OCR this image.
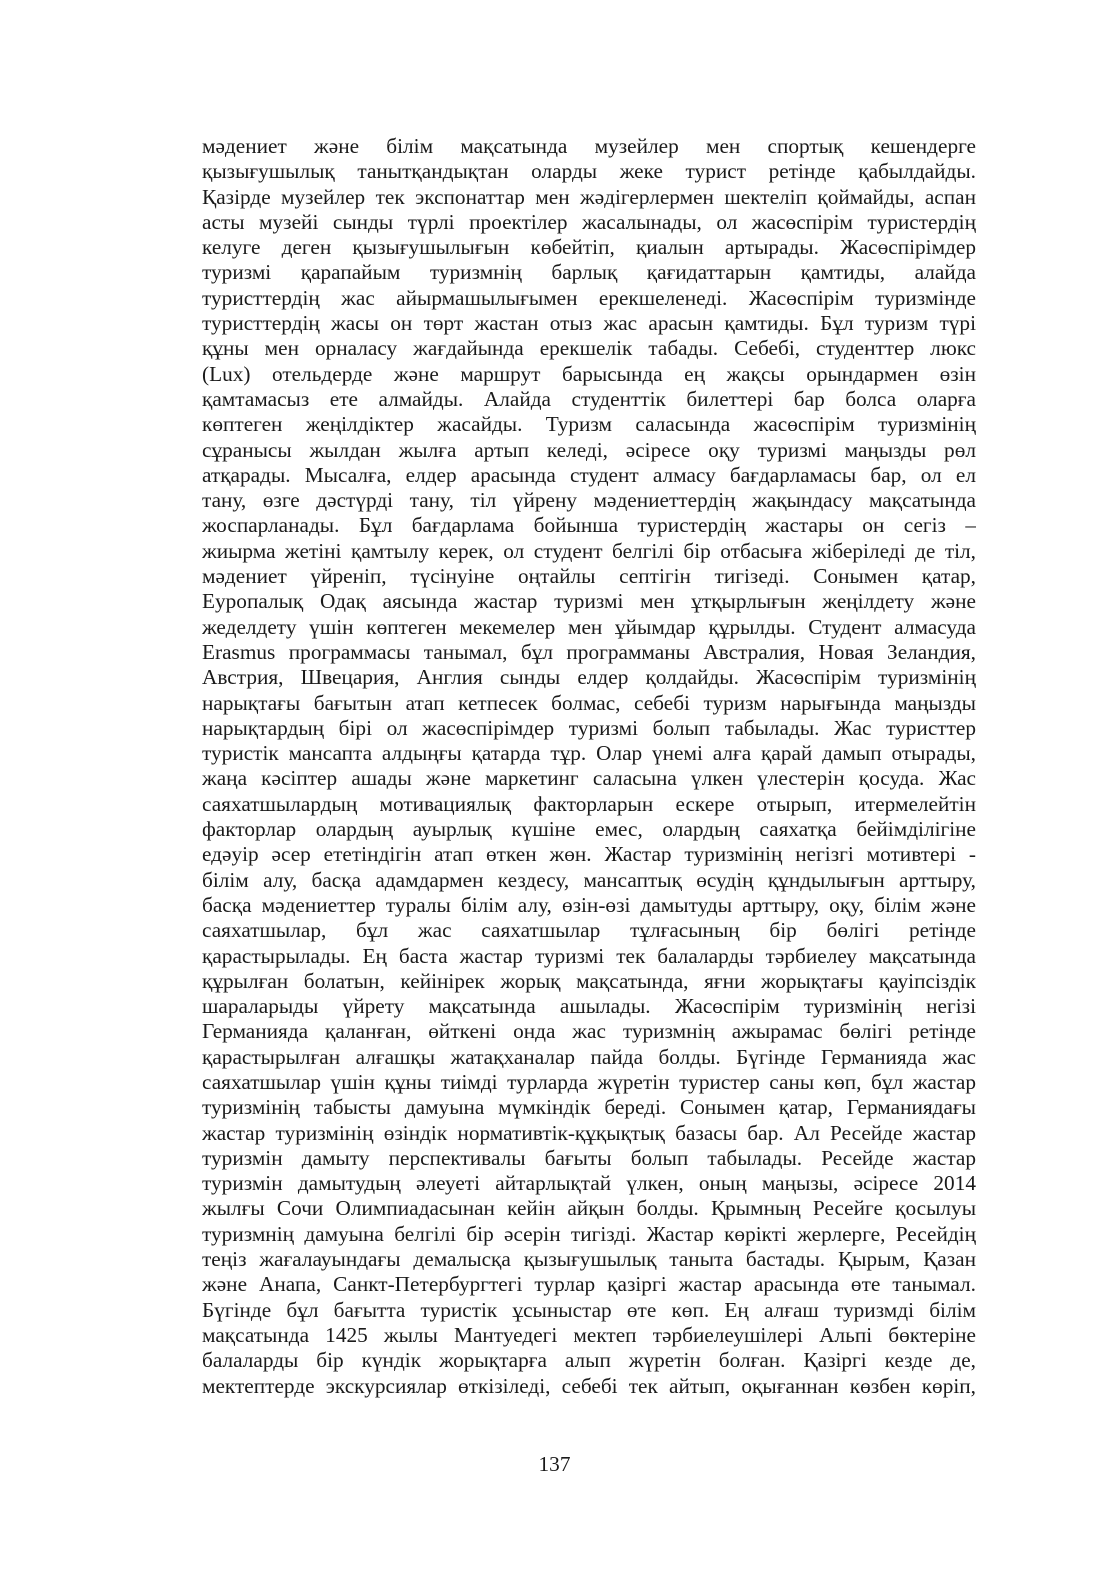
мәдениет және білім мақсатында музейлер мен спортық кешендерге
қызығушылық танытқандықтан оларды жеке турист ретінде қабылдайды.
Қазірде музейлер тек экспонаттар мен жәдігерлермен шектеліп қоймайды, аспан
асты музейі сынды түрлі проектілер жасалынады, ол жасөспірім туристердің
келуге деген қызығушылығын көбейтіп, қиалын артырады. Жасөспірімдер
туризмі қарапайым туризмнің барлық қағидаттарын қамтиды, алайда
туристтердің жас айырмашылығымен ерекшеленеді. Жасөспірім туризмінде
туристтердің жасы он төрт жастан отыз жас арасын қамтиды. Бұл туризм түрі
құны мен орналасу жағдайында ерекшелік табады. Себебі, студенттер люкс
(Lux) отельдерде және маршрут барысында ең жақсы орындармен өзін
қамтамасыз ете алмайды. Алайда студенттік билеттері бар болса оларға
көптеген жеңілдіктер жасайды. Туризм саласында жасөспірім туризмінің
сұранысы жылдан жылға артып келеді, әсіресе оқу туризмі маңызды рөл
атқарады. Мысалға, елдер арасында студент алмасу бағдарламасы бар, ол ел
тану, өзге дәстүрді тану, тіл үйрену мәдениеттердің жақындасу мақсатында
жоспарланады. Бұл бағдарлама бойынша туристердің жастары он сегіз –
жиырма жетіні қамтылу керек, ол студент белгілі бір отбасыға жіберіледі де тіл,
мәдениет үйреніп, түсінуіне оңтайлы септігін тигізеді. Сонымен қатар,
Еуропалық Одақ аясында жастар туризмі мен ұтқырлығын жеңілдету және
жеделдету үшін көптеген мекемелер мен ұйымдар құрылды. Студент алмасуда
Erasmus программасы танымал, бұл программаны Австралия, Новая Зеландия,
Австрия, Швецария, Англия сынды елдер қолдайды. Жасөспірім туризмінің
нарықтағы бағытын атап кетпесек болмас, себебі туризм нарығында маңызды
нарықтардың бірі ол жасөспірімдер туризмі болып табылады. Жас туристтер
туристік мансапта алдыңғы қатарда тұр. Олар үнемі алға қарай дамып отырады,
жаңа кәсіптер ашады және маркетинг саласына үлкен үлестерін қосуда. Жас
саяхатшылардың мотивациялық факторларын ескере отырып, итермелейтін
факторлар олардың ауырлық күшіне емес, олардың саяхатқа бейімділігіне
едәуір әсер ететіндігін атап өткен жөн. Жастар туризмінің негізгі мотивтері -
білім алу, басқа адамдармен кездесу, мансаптық өсудің құндылығын арттыру,
басқа мәдениеттер туралы білім алу, өзін-өзі дамытуды арттыру, оқу, білім және
саяхатшылар, бұл жас саяхатшылар тұлғасының бір бөлігі ретінде
қарастырылады. Ең баста жастар туризмі тек балаларды тәрбиелеу мақсатында
құрылған болатын, кейінірек жорық мақсатында, яғни жорықтағы қауіпсіздік
шараларыды үйрету мақсатында ашылады. Жасөспірім туризмінің негізі
Германияда қаланған, өйткені онда жас туризмнің ажырамас бөлігі ретінде
қарастырылған алғашқы жатақханалар пайда болды. Бүгінде Германияда жас
саяхатшылар үшін құны тиімді турларда жүретін туристер саны көп, бұл жастар
туризмінің табысты дамуына мүмкіндік береді. Сонымен қатар, Германиядағы
жастар туризмінің өзіндік нормативтік-құқықтық базасы бар. Ал Ресейде жастар
туризмін дамыту перспективалы бағыты болып табылады. Ресейде жастар
туризмін дамытудың әлеуеті айтарлықтай үлкен, оның маңызы, әсіресе 2014
жылғы Сочи Олимпиадасынан кейін айқын болды. Қрымның Ресейге қосылуы
туризмнің дамуына белгілі бір әсерін тигізді. Жастар көрікті жерлерге, Ресейдің
теңіз жағалауындағы демалысқа қызығушылық таныта бастады. Қырым, Қазан
және Анапа, Санкт-Петербургтегі турлар қазіргі жастар арасында өте танымал.
Бүгінде бұл бағытта туристік ұсыныстар өте көп. Ең алғаш туризмді білім
мақсатында 1425 жылы Мантуедегі мектеп тәрбиелеушілері Альпі бөктеріне
балаларды бір күндік жорықтарға алып жүретін болған. Қазіргі кезде де,
мектептерде экскурсиялар өткізіледі, себебі тек айтып, оқығаннан көзбен көріп,
137
